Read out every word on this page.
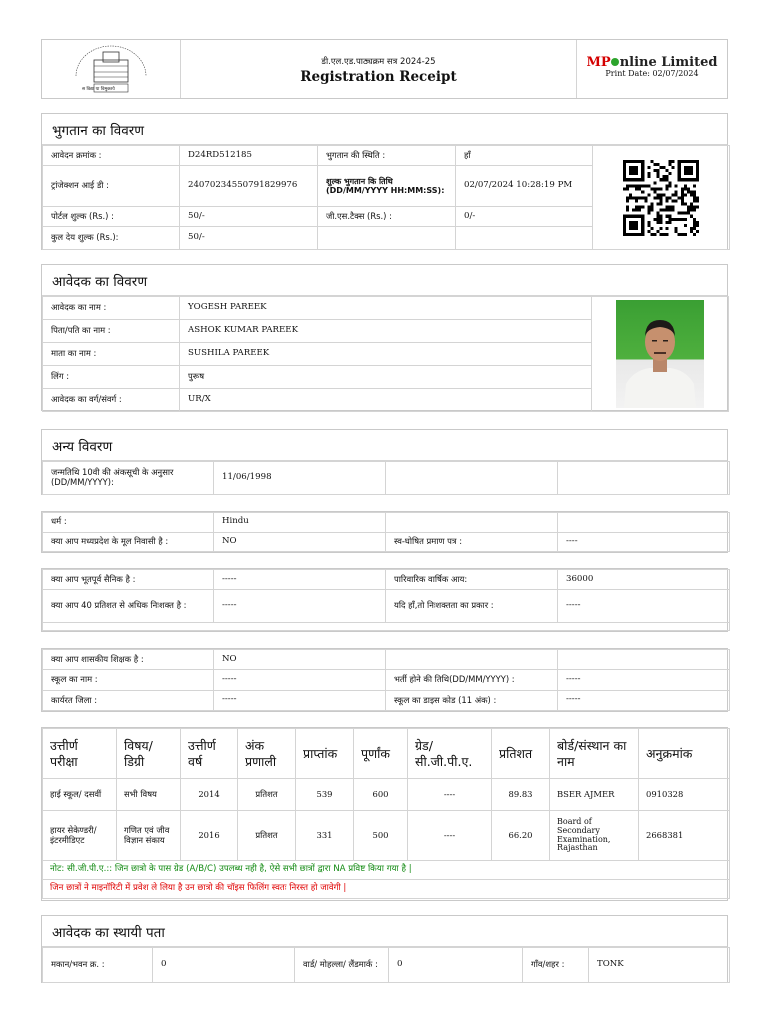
स विद्या या विमुक्तये
डी.एल.एड.पाठ्यक्रम सत्र 2024-25
Registration Receipt
MP nline Limited
Print Date: 02/07/2024
भुगतान का विवरण
आवेदन क्रमांक :	D24RD512185	भुगतान की स्थिति :	हाँ	

ट्रांजेक्शन आई डी :	24070234550791829976	शुल्क भुगतान कि तिथि (DD/MM/YYYY HH:MM:SS):	02/07/2024 10:28:19 PM	
पोर्टल शुल्क (Rs.) :	50/-	जी.एस.टैक्स (Rs.) :	0/-	
कुल देय शुल्क (Rs.):	50/-			
आवेदक का विवरण
आवेदक का नाम :	YOGESH PAREEK	

पिता/पति का नाम :	ASHOK KUMAR PAREEK	
माता का नाम :	SUSHILA PAREEK	
लिंग :	पुरूष	
आवेदक का वर्ग/संवर्ग :	UR/X	
अन्य विवरण
जन्मतिथि 10वी की अंकसूची के अनुसार (DD/MM/YYYY):	11/06/1998		
धर्म :	Hindu		
क्या आप मध्यप्रदेश के मूल निवासी है :	NO	स्व-घोषित प्रमाण पत्र :	----
क्या आप भूतपूर्व सैनिक है :	-----	पारिवारिक वार्षिक आय:	36000
क्या आप 40 प्रतिशत से अधिक निःशक्त है :	-----	यदि हाँ,तो निःशक्तता का प्रकार :	-----

क्या आप शासकीय शिक्षक है :	NO		
स्कूल का नाम :	-----	भर्ती होने की तिथि(DD/MM/YYYY) :	-----
कार्यरत जिला :	-----	स्कूल का डाइस कोड (11 अंक) :	-----
उत्तीर्ण परीक्षा	विषय/ डिग्री	उत्तीर्ण वर्ष	अंक प्रणाली	प्राप्तांक	पूर्णांक	ग्रेड/ सी.जी.पी.ए.	प्रतिशत	बोर्ड/संस्थान का नाम	अनुक्रमांक
हाई स्कूल/ दसवीं	सभी विषय	2014	प्रतिशत	539	600	----	89.83	BSER AJMER	0910328
हायर सेकेण्डरी/ इंटरमीडिएट	गणित एवं जीव विज्ञान संकाय	2016	प्रतिशत	331	500	----	66.20	Board of Secondary Examination, Rajasthan	2668381
नोट: सी.जी.पी.ए.:: जिन छात्रो के पास ग्रेड (A/B/C) उपलब्ध नही है, ऐसे सभी छात्रों द्वारा NA प्रविष्ट किया गया है |									
जिन छात्रों ने माइनॉरिटी में प्रवेश ले लिया है उन छात्रो की चॉइस फिलिंग स्वतः निरस्त हो जावेगी |									
आवेदक का स्थायी पता
मकान/भवन क्र. :	0	वार्ड/ मोहल्ला/ लैंडमार्क :	0	गाँव/शहर :	TONK
